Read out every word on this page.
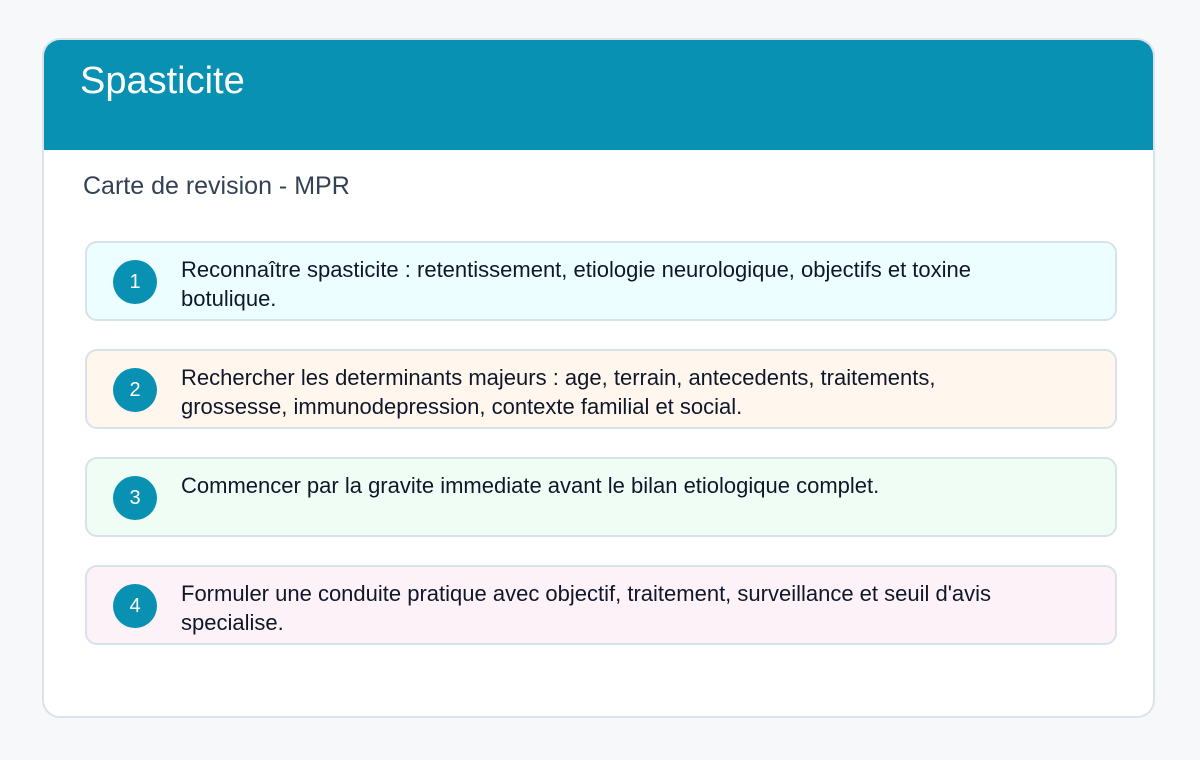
Spasticite

Carte de revision - MPR

1	Reconnaître spasticite : retentissement, etiologie neurologique, objectifs et toxine botulique.

2	Rechercher les determinants majeurs : age, terrain, antecedents, traitements, grossesse, immunodepression, contexte familial et social.

3	Commencer par la gravite immediate avant le bilan etiologique complet.

4	Formuler une conduite pratique avec objectif, traitement, surveillance et seuil d'avis specialise.
